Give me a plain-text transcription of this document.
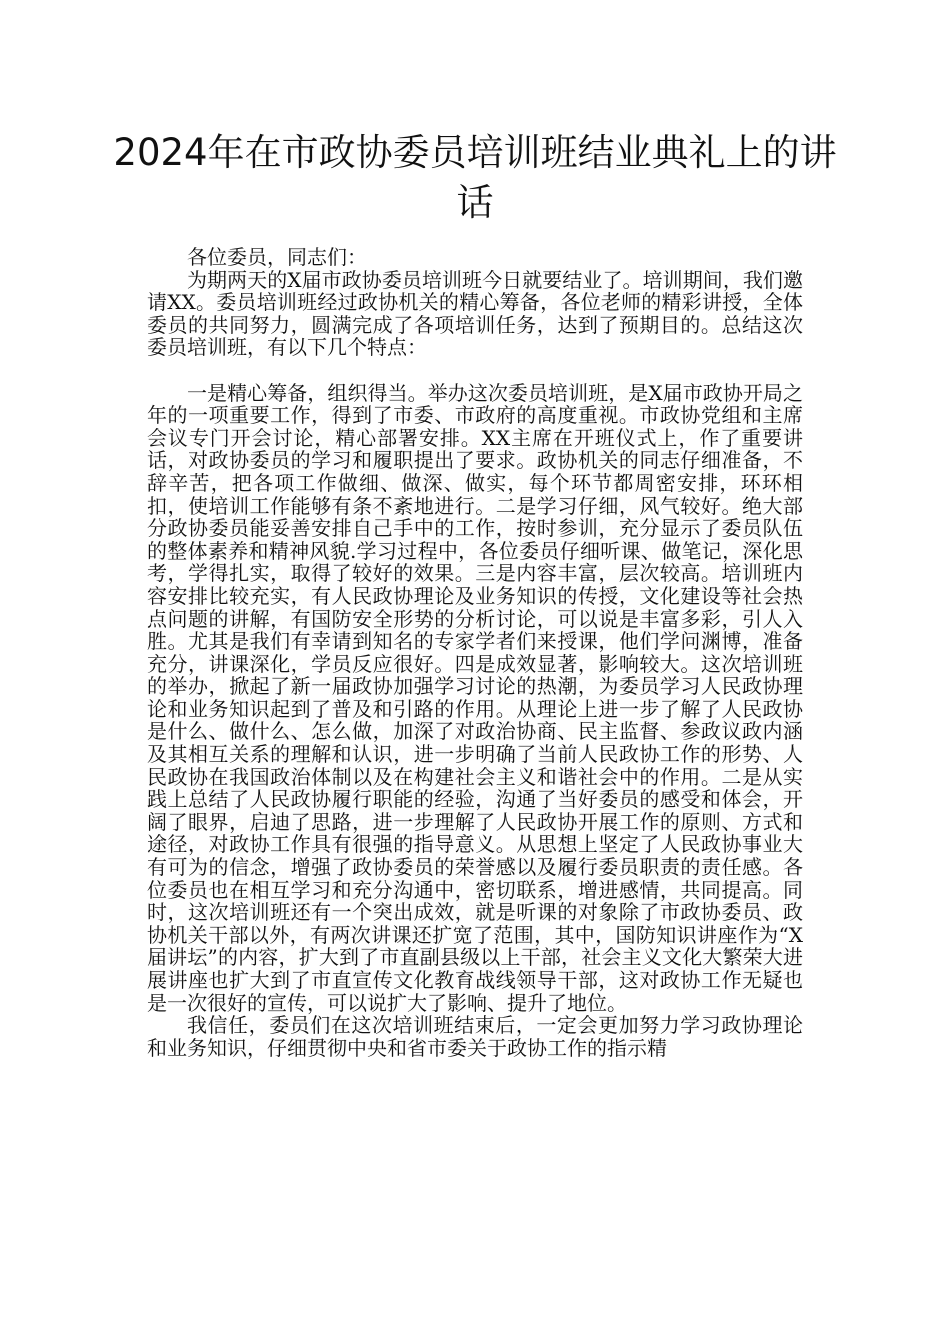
2024年在市政协委员培训班结业典礼上的讲话

各位委员，同志们：

为期两天的X届市政协委员培训班今日就要结业了。培训期间，我们邀请XX。委员培训班经过政协机关的精心筹备，各位老师的精彩讲授，全体委员的共同努力，圆满完成了各项培训任务，达到了预期目的。总结这次委员培训班，有以下几个特点：

一是精心筹备，组织得当。举办这次委员培训班，是X届市政协开局之年的一项重要工作，得到了市委、市政府的高度重视。市政协党组和主席会议专门开会讨论，精心部署安排。XX主席在开班仪式上，作了重要讲话，对政协委员的学习和履职提出了要求。政协机关的同志仔细准备，不辞辛苦，把各项工作做细、做深、做实，每个环节都周密安排，环环相扣，使培训工作能够有条不紊地进行。二是学习仔细，风气较好。绝大部分政协委员能妥善安排自己手中的工作，按时参训，充分显示了委员队伍的整体素养和精神风貌.学习过程中，各位委员仔细听课、做笔记，深化思考，学得扎实，取得了较好的效果。三是内容丰富，层次较高。培训班内容安排比较充实，有人民政协理论及业务知识的传授，文化建设等社会热点问题的讲解，有国防安全形势的分析讨论，可以说是丰富多彩，引人入胜。尤其是我们有幸请到知名的专家学者们来授课，他们学问渊博，准备充分，讲课深化，学员反应很好。四是成效显著，影响较大。这次培训班的举办，掀起了新一届政协加强学习讨论的热潮，为委员学习人民政协理论和业务知识起到了普及和引路的作用。从理论上进一步了解了人民政协是什么、做什么、怎么做，加深了对政治协商、民主监督、参政议政内涵及其相互关系的理解和认识，进一步明确了当前人民政协工作的形势、人民政协在我国政治体制以及在构建社会主义和谐社会中的作用。二是从实践上总结了人民政协履行职能的经验，沟通了当好委员的感受和体会，开阔了眼界，启迪了思路，进一步理解了人民政协开展工作的原则、方式和途径，对政协工作具有很强的指导意义。从思想上坚定了人民政协事业大有可为的信念，增强了政协委员的荣誉感以及履行委员职责的责任感。各位委员也在相互学习和充分沟通中，密切联系，增进感情，共同提高。同时，这次培训班还有一个突出成效，就是听课的对象除了市政协委员、政协机关干部以外，有两次讲课还扩宽了范围，其中，国防知识讲座作为“X届讲坛”的内容，扩大到了市直副县级以上干部，社会主义文化大繁荣大进展讲座也扩大到了市直宣传文化教育战线领导干部，这对政协工作无疑也是一次很好的宣传，可以说扩大了影响、提升了地位。

我信任，委员们在这次培训班结束后，一定会更加努力学习政协理论和业务知识，仔细贯彻中央和省市委关于政协工作的指示精
